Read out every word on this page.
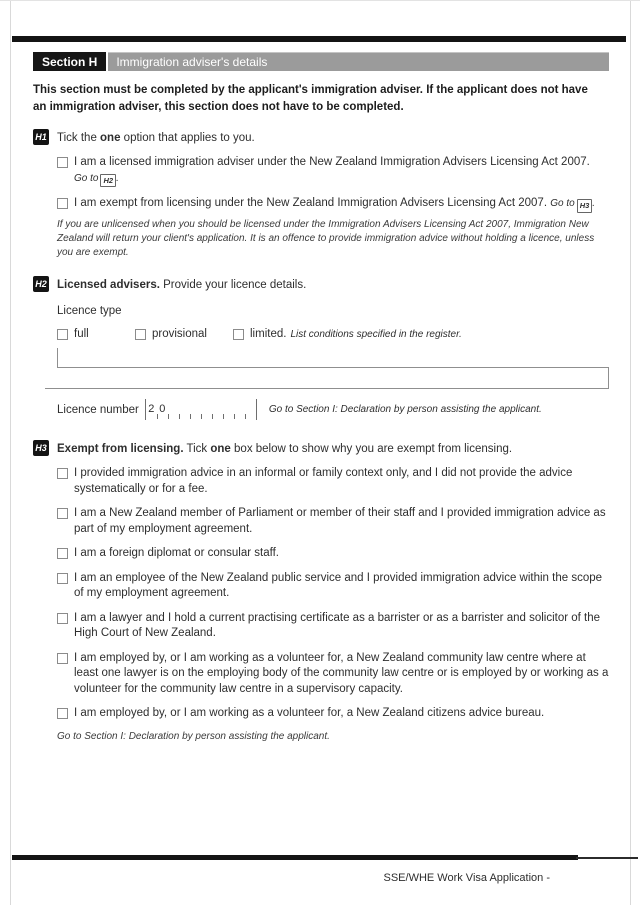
Section H	Immigration adviser's details
This section must be completed by the applicant's immigration adviser. If the applicant does not have an immigration adviser, this section does not have to be completed.
H1 Tick the one option that applies to you.
I am a licensed immigration adviser under the New Zealand Immigration Advisers Licensing Act 2007. Go to H2 .
I am exempt from licensing under the New Zealand Immigration Advisers Licensing Act 2007. Go to H3 .
If you are unlicensed when you should be licensed under the Immigration Advisers Licensing Act 2007, Immigration New Zealand will return your client's application. It is an offence to provide immigration advice without holding a licence, unless you are exempt.
H2 Licensed advisers. Provide your licence details.
Licence type
full	provisional	limited. List conditions specified in the register.
Licence number 2 0	Go to Section I: Declaration by person assisting the applicant.
H3 Exempt from licensing. Tick one box below to show why you are exempt from licensing.
I provided immigration advice in an informal or family context only, and I did not provide the advice systematically or for a fee.
I am a New Zealand member of Parliament or member of their staff and I provided immigration advice as part of my employment agreement.
I am a foreign diplomat or consular staff.
I am an employee of the New Zealand public service and I provided immigration advice within the scope of my employment agreement.
I am a lawyer and I hold a current practising certificate as a barrister or as a barrister and solicitor of the High Court of New Zealand.
I am employed by, or I am working as a volunteer for, a New Zealand community law centre where at least one lawyer is on the employing body of the community law centre or is employed by or working as a volunteer for the community law centre in a supervisory capacity.
I am employed by, or I am working as a volunteer for, a New Zealand citizens advice bureau.
Go to Section I: Declaration by person assisting the applicant.
SSE/WHE Work Visa Application -
